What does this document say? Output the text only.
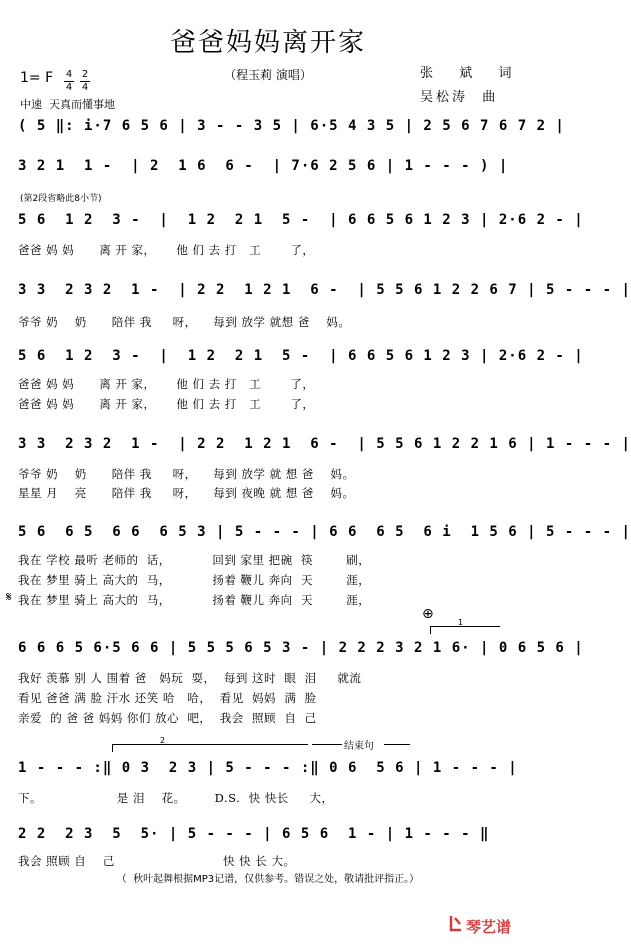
爸爸妈妈离开家
（程玉莉 演唱）	张  斌  词
吴松涛  曲
1= F 4
4
2
4
中速  天真而懂事地
( 5 ‖: i·7 6 5 6 | 3 - - 3 5 | 6·5 4 3 5 | 2 5 6 7 6 7 2 |
3 2 1  1 -  | 2  1 6  6 -  | 7·6 2 5 6 | 1 - - - ) |
(第2段省略此8小节)
5 6  1 2  3 -  |  1 2  2 1  5 -  | 6 6 5 6 1 2 3 | 2·6 2 - |
爸爸 妈 妈      离 开 家，     他 们 去 打   工       了，
3 3  2 3 2  1 -  | 2 2  1 2 1  6 -  | 5 5 6 1 2 2 6 7 | 5 - - - |
爷爷 奶    奶      陪伴 我     呀，    每到 放学 就想 爸    妈。
5 6  1 2  3 -  |  1 2  2 1  5 -  | 6 6 5 6 1 2 3 | 2·6 2 - |
爸爸 妈 妈      离 开 家，     他 们 去 打   工       了，
爸爸 妈 妈      离 开 家，     他 们 去 打   工       了，
3 3  2 3 2  1 -  | 2 2  1 2 1  6 -  | 5 5 6 1 2 2 1 6 | 1 - - - |
爷爷 奶    奶      陪伴 我     呀，    每到 放学 就 想 爸    妈。
星星 月    亮      陪伴 我     呀，    每到 夜晚 就 想 爸    妈。
5 6  6 5  6 6  6 5 3 | 5 - - - | 6 6  6 5  6 i  1 5 6 | 5 - - - |
我在 学校 最听 老师的  话，          回到 家里 把碗  筷        刷，
我在 梦里 骑上 高大的  马，          扬着 鞭儿 奔向  天        涯，
我在 梦里 骑上 高大的  马，          扬着 鞭儿 奔向  天        涯，
𝄋
⊕
1
6 6 6 5 6·5 6 6 | 5 5 5 6 5 3 - | 2 2 2 3 2 1 6· | 0 6 5 6 |
我好 羡慕 别 人 围着 爸   妈玩  耍，  每到 这时  眼  泪     就流
看见 爸爸 满 脸 汗水 还笑 哈   哈，  看见  妈妈  满  脸
亲爱  的 爸 爸 妈妈 你们 放心  吧，  我会  照顾  自  己
2
结束句
1 - - - :‖ 0 3  2 3 | 5 - - - :‖ 0 6  5 6 | 1 - - - |
下。                  是 泪    花。       D.S.  快 快长     大，
2 2  2 3  5  5· | 5 - - - | 6 5 6  1 - | 1 - - - ‖
我会 照顾 自    己                          快 快 长 大。
（  秋叶起舞根据MP3记谱，仅供参考。错误之处，敬请批评指正。）
琴艺谱
